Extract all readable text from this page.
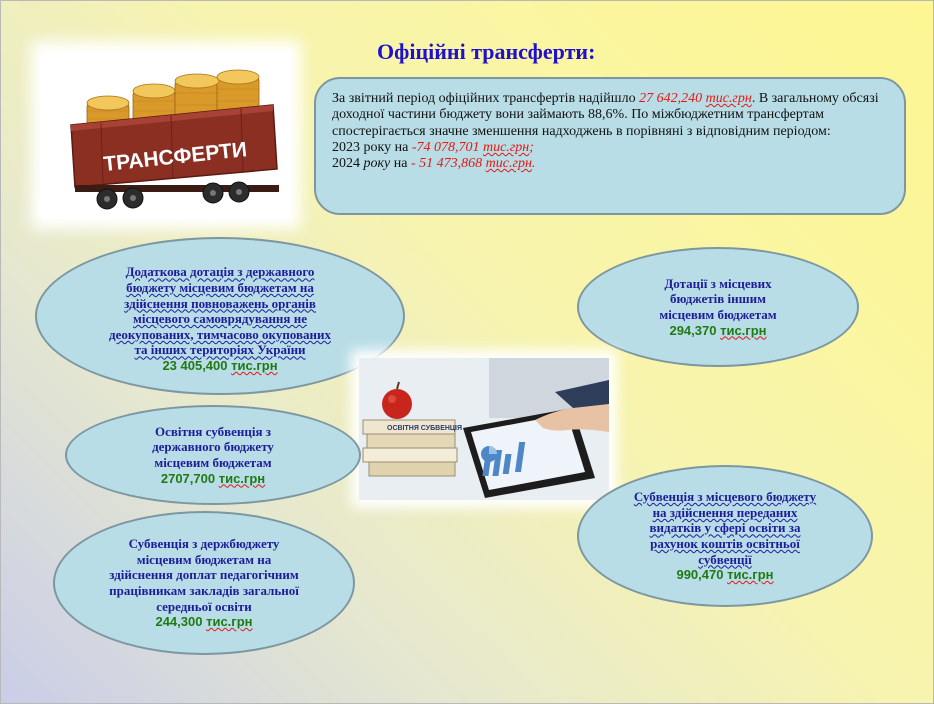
Офіційні трансферти:
ТРАНСФЕРТИ
За звітний період офіційних трансфертів надійшло 27 642,240 тис.грн. В загальному обсязі доходної частини бюджету вони займають 88,6%. По міжбюджетним трансфертам спостерігається значне зменшення надходжень в порівняні з відповідним періодом:
2023 року на -74 078,701 тис.грн;
2024 року на - 51 473,868 тис.грн.
Додаткова дотація з державного бюджету місцевим бюджетам на здійснення повноважень органів місцевого самоврядування не деокупованих, тимчасово окупованих та інших територіях України
23 405,400 тис.грн
Дотації з місцевих бюджетів іншим місцевим бюджетам
294,370 тис.грн
ОСВІТНЯ СУБВЕНЦІЯ
Освітня субвенція з державного бюджету місцевим бюджетам
2707,700 тис.грн
Субвенція з місцевого бюджету на здійснення переданих видатків у сфері освіти за рахунок коштів освітньої субвенції
990,470 тис.грн
Субвенція з держбюджету місцевим бюджетам на здійснення доплат педагогічним працівникам закладів загальної середньої освіти
244,300 тис.грн
